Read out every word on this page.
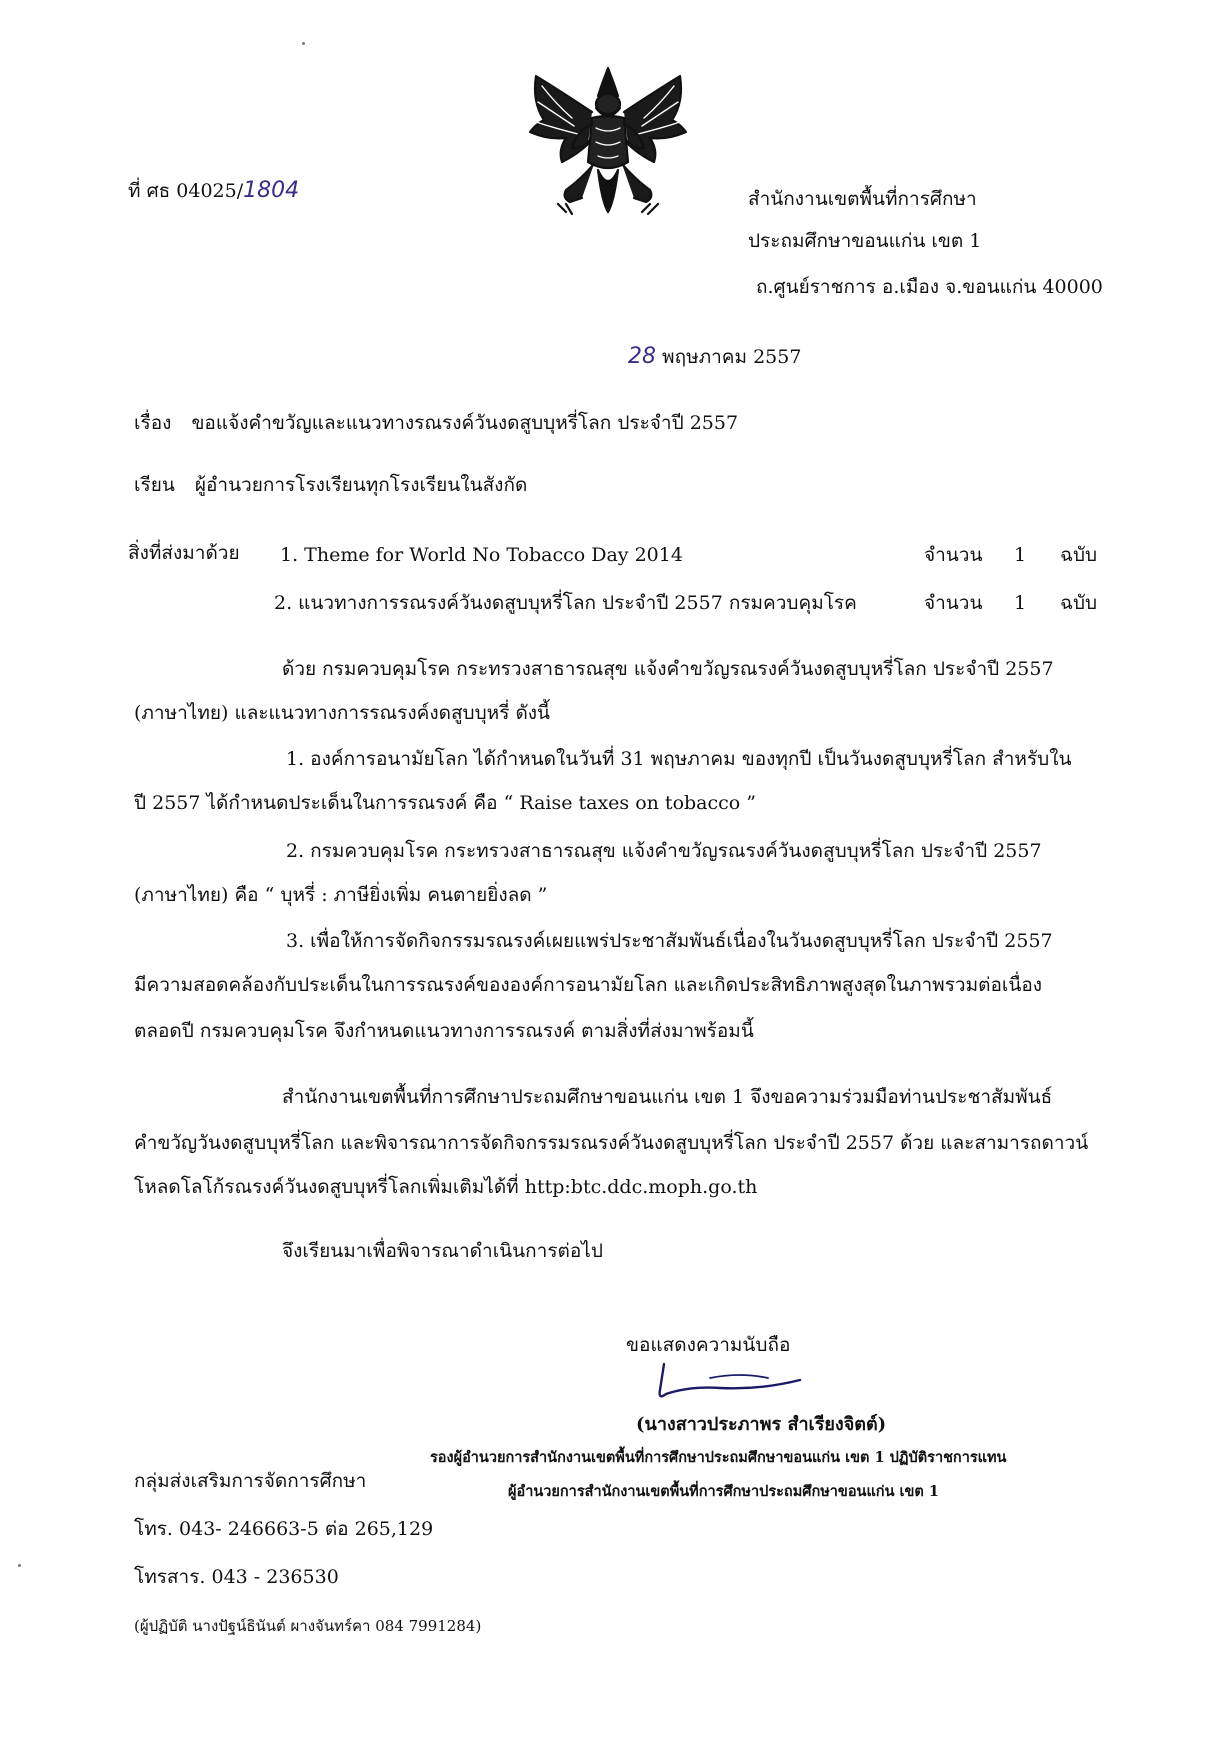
ที่ ศธ 04025/1804	สำนักงานเขตพื้นที่การศึกษา
ประถมศึกษาขอนแก่น เขต 1
ถ.ศูนย์ราชการ อ.เมือง จ.ขอนแก่น 40000
28 พฤษภาคม 2557
เรื่อง ขอแจ้งคำขวัญและแนวทางรณรงค์วันงดสูบบุหรี่โลก ประจำปี 2557
เรียน ผู้อำนวยการโรงเรียนทุกโรงเรียนในสังกัด
สิ่งที่ส่งมาด้วย 1. Theme for World No Tobacco Day 2014	จำนวน 1 ฉบับ
2. แนวทางการรณรงค์วันงดสูบบุหรี่โลก ประจำปี 2557 กรมควบคุมโรค	จำนวน 1 ฉบับ
ด้วย กรมควบคุมโรค กระทรวงสาธารณสุข แจ้งคำขวัญรณรงค์วันงดสูบบุหรี่โลก ประจำปี 2557
(ภาษาไทย) และแนวทางการรณรงค์งดสูบบุหรี่ ดังนี้
1. องค์การอนามัยโลก ได้กำหนดในวันที่ 31 พฤษภาคม ของทุกปี เป็นวันงดสูบบุหรี่โลก สำหรับใน
ปี 2557 ได้กำหนดประเด็นในการรณรงค์ คือ “ Raise taxes on tobacco ”
2. กรมควบคุมโรค กระทรวงสาธารณสุข แจ้งคำขวัญรณรงค์วันงดสูบบุหรี่โลก ประจำปี 2557
(ภาษาไทย) คือ “ บุหรี่ : ภาษียิ่งเพิ่ม คนตายยิ่งลด ”
3. เพื่อให้การจัดกิจกรรมรณรงค์เผยแพร่ประชาสัมพันธ์เนื่องในวันงดสูบบุหรี่โลก ประจำปี 2557
มีความสอดคล้องกับประเด็นในการรณรงค์ขององค์การอนามัยโลก และเกิดประสิทธิภาพสูงสุดในภาพรวมต่อเนื่อง
ตลอดปี กรมควบคุมโรค จึงกำหนดแนวทางการรณรงค์ ตามสิ่งที่ส่งมาพร้อมนี้
สำนักงานเขตพื้นที่การศึกษาประถมศึกษาขอนแก่น เขต 1 จึงขอความร่วมมือท่านประชาสัมพันธ์
คำขวัญวันงดสูบบุหรี่โลก และพิจารณาการจัดกิจกรรมรณรงค์วันงดสูบบุหรี่โลก ประจำปี 2557 ด้วย และสามารถดาวน์
โหลดโลโก้รณรงค์วันงดสูบบุหรี่โลกเพิ่มเติมได้ที่ http:btc.ddc.moph.go.th
จึงเรียนมาเพื่อพิจารณาดำเนินการต่อไป
ขอแสดงความนับถือ
(นางสาวประภาพร สำเรียงจิตต์)
รองผู้อำนวยการสำนักงานเขตพื้นที่การศึกษาประถมศึกษาขอนแก่น เขต 1 ปฏิบัติราชการแทน
ผู้อำนวยการสำนักงานเขตพื้นที่การศึกษาประถมศึกษาขอนแก่น เขต 1
กลุ่มส่งเสริมการจัดการศึกษา
โทร. 043- 246663-5 ต่อ 265,129
โทรสาร. 043 - 236530
(ผู้ปฏิบัติ นางปัฐน์ธินันต์ ผางจันทร์คา 084 7991284)
